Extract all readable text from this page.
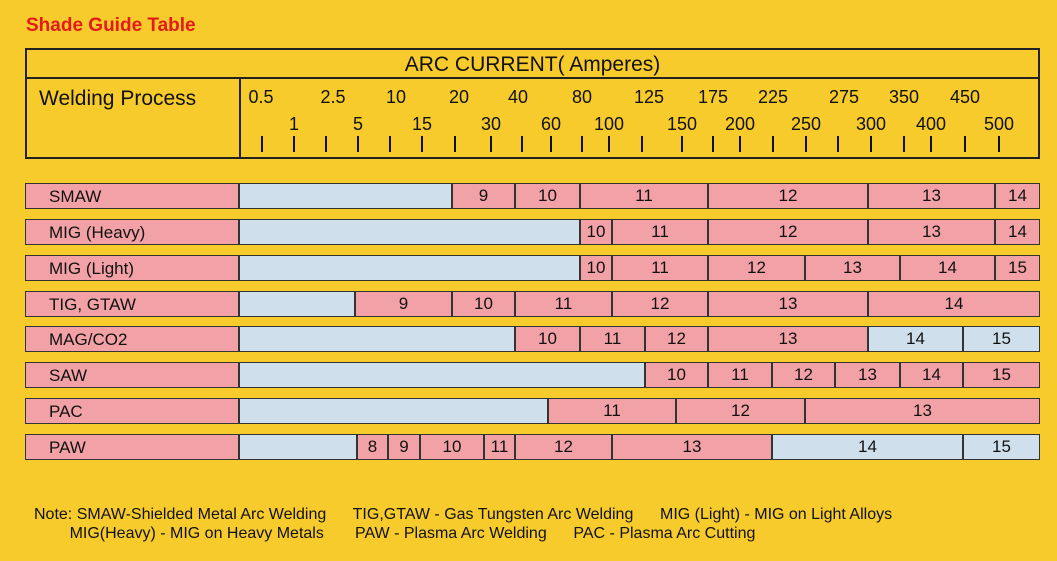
Shade Guide Table
ARC CURRENT( Amperes)
Welding Process	0.5	2.5 10 20 40 80 125 175 225 275 350 450
1	5	15	30 60 100 150 200 250 300 400 500
SMAW	9	10	11	12	13	14
MIG (Heavy)	10	11	12	13	14
MIG (Light)	10	11	12	13	14	15
TIG, GTAW	9	10	11	12	13	14
MAG/CO2	10	11	12	13	14	15
SAW	10	11	12	13	14	15
PAC	11	12	13
PAW	8	9	10	11	12	13	14	15
Note: SMAW-Shielded Metal Arc Welding      TIG,GTAW - Gas Tungsten Arc Welding      MIG (Light) - MIG on Light Alloys
MIG(Heavy) - MIG on Heavy Metals       PAW - Plasma Arc Welding      PAC - Plasma Arc Cutting
